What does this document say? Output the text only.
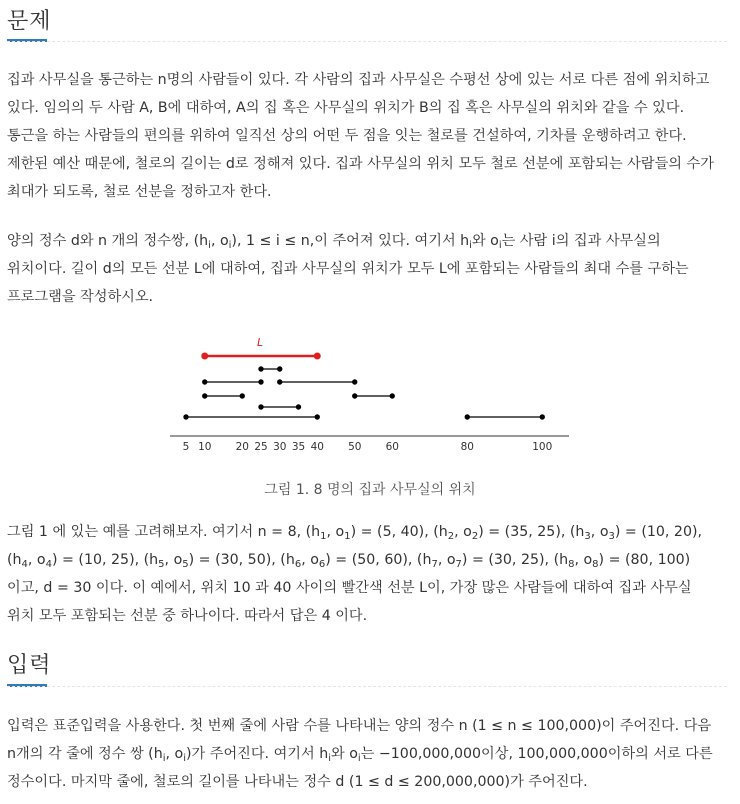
문제

집과 사무실을 통근하는 n명의 사람들이 있다. 각 사람의 집과 사무실은 수평선 상에 있는 서로 다른 점에 위치하고 있다. 임의의 두 사람 A, B에 대하여, A의 집 혹은 사무실의 위치가 B의 집 혹은 사무실의 위치와 같을 수 있다. 통근을 하는 사람들의 편의를 위하여 일직선 상의 어떤 두 점을 잇는 철로를 건설하여, 기차를 운행하려고 한다. 제한된 예산 때문에, 철로의 길이는 d로 정해져 있다. 집과 사무실의 위치 모두 철로 선분에 포함되는 사람들의 수가 최대가 되도록, 철로 선분을 정하고자 한다.

양의 정수 d와 n 개의 정수쌍, ($h_i$, $o_i$), 1 ≤ i ≤ n,이 주어져 있다. 여기서 $h_i$와 $o_i$는 사람 i의 집과 사무실의 위치이다. 길이 d의 모든 선분 L에 대하여, 집과 사무실의 위치가 모두 L에 포함되는 사람들의 최대 수를 구하는 프로그램을 작성하시오.

L
5 10 20 25 30 35 40 50 60	80	100
그림 1. 8 명의 집과 사무실의 위치

그림 1 에 있는 예를 고려해보자. 여기서 n = 8, ($h_1$, $o_1) = (5$, 40), ($h_2$, $o_2) = (35$, 25), ($h_3$, $o_3) = (10$, 20), ($h_4$, $o_4) = (10$, 25), ($h_5$, $o_5) = (30$, 50), ($h_6$, $o_6) = (50$, 60), ($h_7$, $o_7) = (30$, 25), ($h_8$, $o_8) = (80$, 100)이고, d = 30 이다. 이 예에서, 위치 10 과 40 사이의 빨간색 선분 L이, 가장 많은 사람들에 대하여 집과 사무실 위치 모두 포함되는 선분 중 하나이다. 따라서 답은 4 이다.

입력

입력은 표준입력을 사용한다. 첫 번째 줄에 사람 수를 나타내는 양의 정수 n (1 ≤ n ≤ 100,000)이 주어진다. 다음 n개의 각 줄에 정수 쌍 ($h_i$, $o_i$)가 주어진다. 여기서 $h_i$와 $o_i$는 −100,000,000이상, 100,000,000이하의 서로 다른 정수이다. 마지막 줄에, 철로의 길이를 나타내는 정수 d (1 ≤ d ≤ 200,000,000)가 주어진다.
